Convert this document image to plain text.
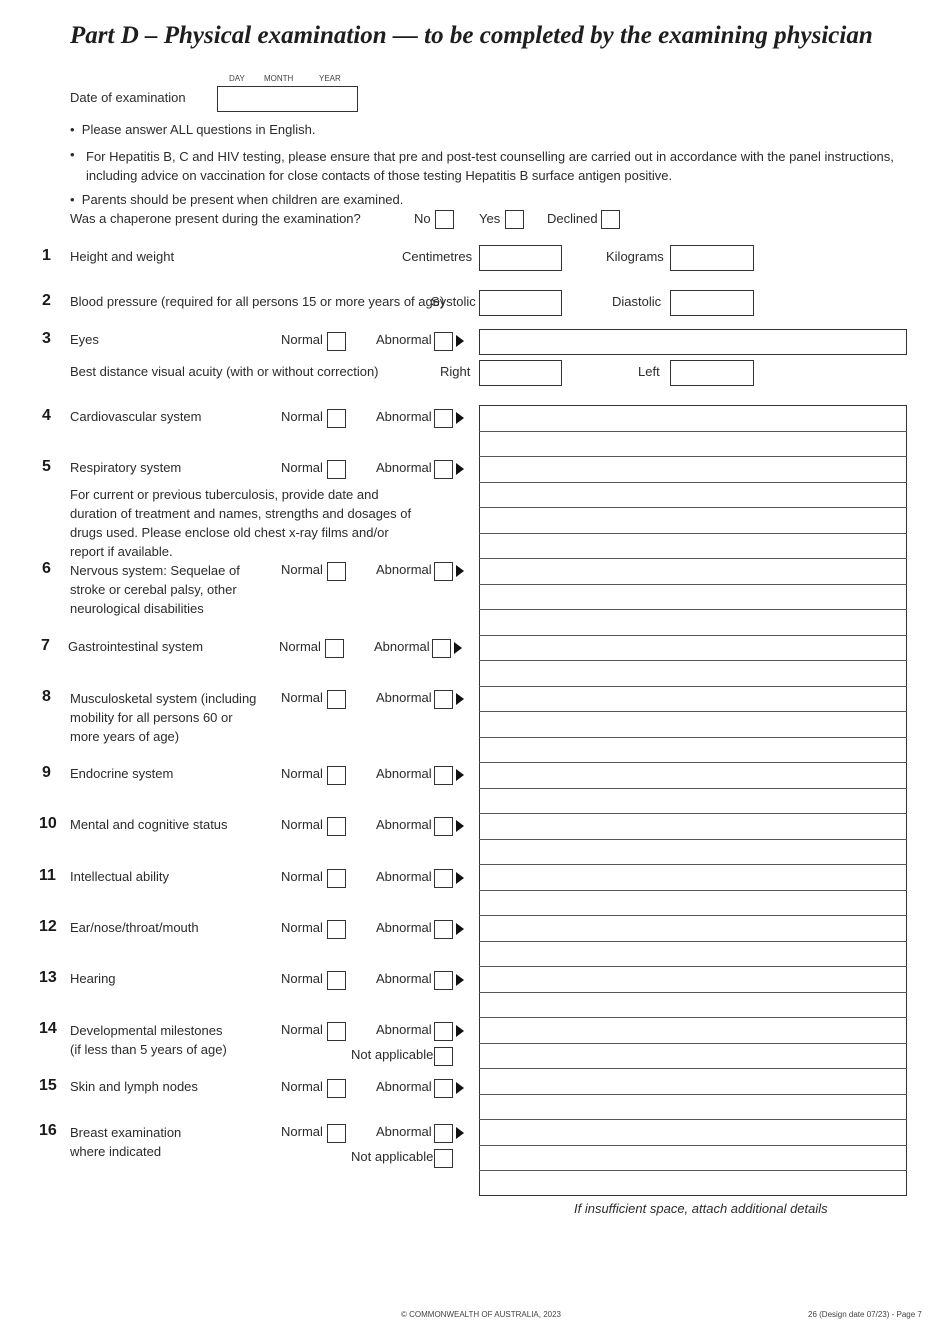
Part D – Physical examination — to be completed by the examining physician
DAY MONTH	YEAR
Date of examination
•  Please answer ALL questions in English.
• For Hepatitis B, C and HIV testing, please ensure that pre and post-test counselling are carried out in accordance with the panel instructions, including advice on vaccination for close contacts of those testing Hepatitis B surface antigen positive.
•  Parents should be present when children are examined.
Was a chaperone present during the examination?	No	Yes	Declined
1 Height and weight	Centimetres	Kilograms
2 Blood pressure (required for all persons 15 or more years of age)
Systolic	Diastolic
3 Eyes	Normal	Abnormal
Best distance visual acuity (with or without correction)	Right	Left
4 Cardiovascular system	Normal	Abnormal
5 Respiratory system	Normal	Abnormal
For current or previous tuberculosis, provide date and duration of treatment and names, strengths and dosages of drugs used. Please enclose old chest x-ray films and/or report if available.
6 Nervous system: Sequelae of stroke or cerebal palsy, other neurological disabilities
Normal	Abnormal
7 Gastrointestinal system	Normal	Abnormal
8 Musculosketal system (including mobility for all persons 60 or more years of age)
Normal	Abnormal
9 Endocrine system	Normal	Abnormal
10 Mental and cognitive status	Normal	Abnormal
11 Intellectual ability	Normal	Abnormal
12 Ear/nose/throat/mouth	Normal	Abnormal
13 Hearing	Normal	Abnormal
14 Developmental milestones (if less than 5 years of age)
Normal	Abnormal
Not applicable
15 Skin and lymph nodes	Normal	Abnormal
16 Breast examination where indicated
Normal	Abnormal
Not applicable
If insufficient space, attach additional details
© COMMONWEALTH OF AUSTRALIA, 2023	26 (Design date 07/23) - Page 7
